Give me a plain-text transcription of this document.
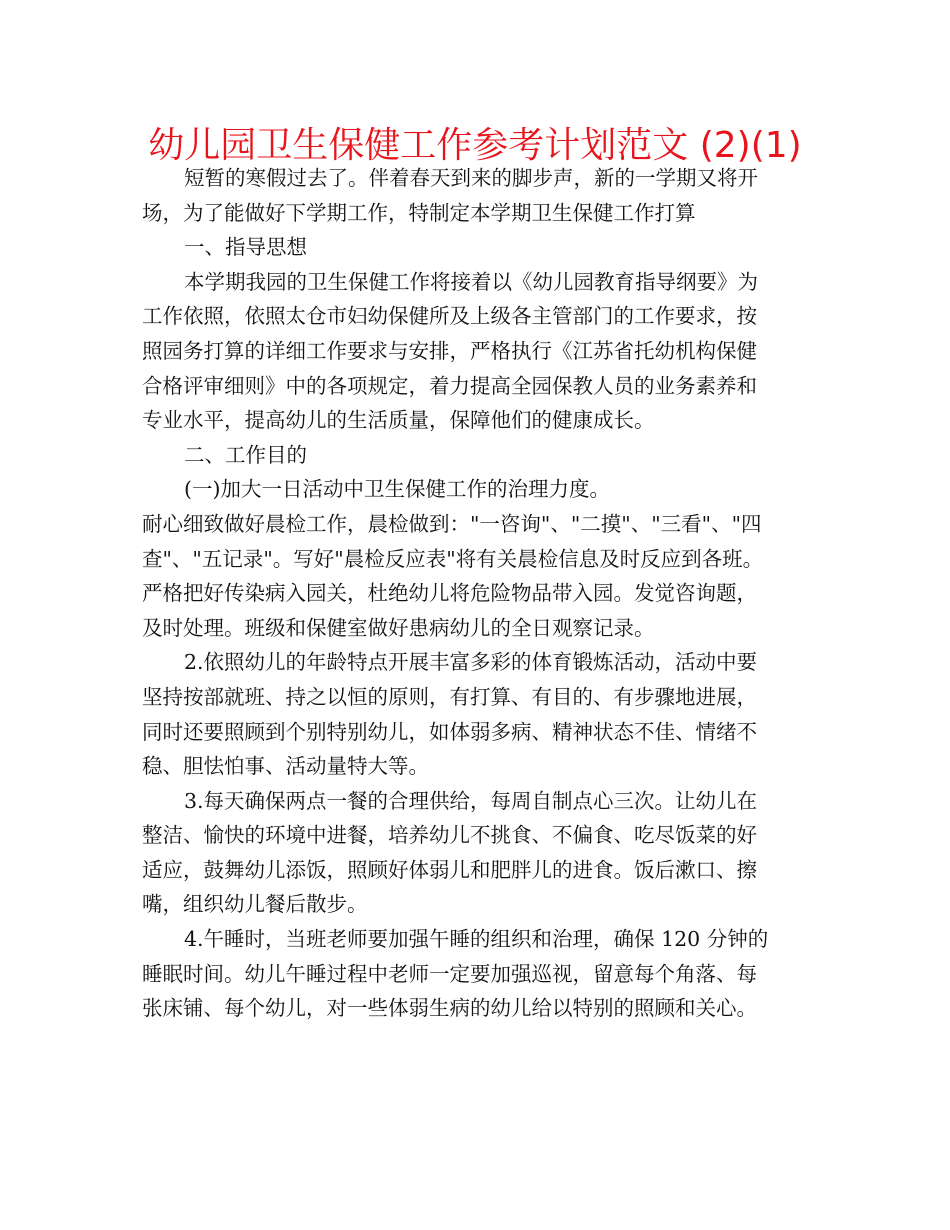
幼儿园卫生保健工作参考计划范文 (2)(1)

短暂的寒假过去了。伴着春天到来的脚步声，新的一学期又将开
场，为了能做好下学期工作，特制定本学期卫生保健工作打算

一、指导思想

本学期我园的卫生保健工作将接着以《幼儿园教育指导纲要》为
工作依照，依照太仓市妇幼保健所及上级各主管部门的工作要求，按
照园务打算的详细工作要求与安排，严格执行《江苏省托幼机构保健
合格评审细则》中的各项规定，着力提高全园保教人员的业务素养和
专业水平，提高幼儿的生活质量，保障他们的健康成长。

二、工作目的

(一)加大一日活动中卫生保健工作的治理力度。

耐心细致做好晨检工作，晨检做到："一咨询"、"二摸"、"三看"、"四
查"、"五记录"。写好"晨检反应表"将有关晨检信息及时反应到各班。
严格把好传染病入园关，杜绝幼儿将危险物品带入园。发觉咨询题，
及时处理。班级和保健室做好患病幼儿的全日观察记录。

2.依照幼儿的年龄特点开展丰富多彩的体育锻炼活动，活动中要
坚持按部就班、持之以恒的原则，有打算、有目的、有步骤地进展，
同时还要照顾到个别特别幼儿，如体弱多病、精神状态不佳、情绪不
稳、胆怯怕事、活动量特大等。

3.每天确保两点一餐的合理供给，每周自制点心三次。让幼儿在
整洁、愉快的环境中进餐，培养幼儿不挑食、不偏食、吃尽饭菜的好
适应，鼓舞幼儿添饭，照顾好体弱儿和肥胖儿的进食。饭后漱口、擦
嘴，组织幼儿餐后散步。

4.午睡时，当班老师要加强午睡的组织和治理，确保 120 分钟的
睡眠时间。幼儿午睡过程中老师一定要加强巡视，留意每个角落、每
张床铺、每个幼儿，对一些体弱生病的幼儿给以特别的照顾和关心。
